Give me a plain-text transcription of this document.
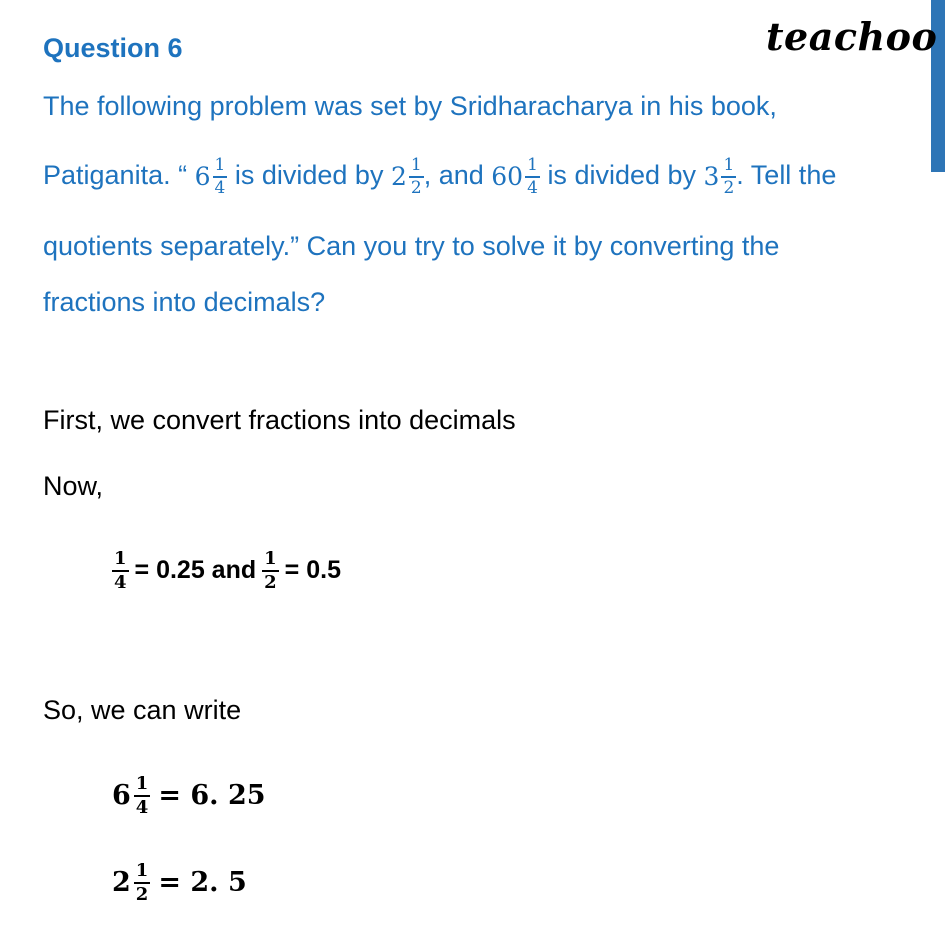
teachoo
Question 6
The following problem was set by Sridharacharya in his book,
Patiganita. “ $6 \frac{1}{4}$ is divided by $2 \frac{1}{2}$ , and $60 \frac{1}{4}$ is divided by $3 \frac{1}{2}$ . Tell the
quotients separately.” Can you try to solve it by converting the
fractions into decimals?
First, we convert fractions into decimals
Now,
$\frac{1}{4} = 0.25$ and $\frac{1}{2} = 0.5$
So, we can write
$6 \frac{1}{4} = 6$. 25
$2 \frac{1}{2} = 2$. 5
